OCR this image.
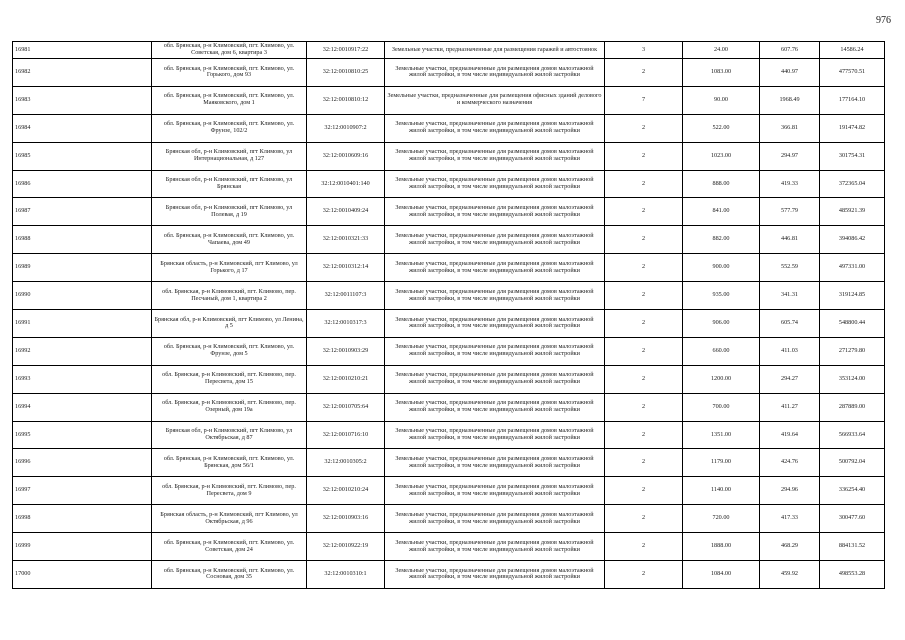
976
16981	обл. Брянская, р-н Климовский, пгт. Климово, ул. Советская, дом 6, квартира 3	32:12:0010917:22	Земельные участки, предназначенные для размещения гаражей и автостоянок	3	24.00	607.76	14586.24
16982	обл. Брянская, р-н Климовский, пгт. Климово, ул. Горького, дом 93	32:12:0010810:25	Земельные участки, предназначенные для размещения домов малоэтажной жилой застройки, в том числе индивидуальной жилой застройки	2	1083.00	440.97	477570.51
16983	обл. Брянская, р-н Климовский, пгт. Климово, ул. Маяковского, дом 1	32:12:0010810:12	Земельные участки, предназначенные для размещения офисных зданий делового и коммерческого назначения	7	90.00	1968.49	177164.10
16984	обл. Брянская, р-н Климовский, пгт. Климово, ул. Фрунзе, 102/2	32:12:0010907:2	Земельные участки, предназначенные для размещения домов малоэтажной жилой застройки, в том числе индивидуальной жилой застройки	2	522.00	366.81	191474.82
16985	Брянская обл, р-н Климовский, пгт Климово, ул Интернациональная, д 127	32:12:0010609:16	Земельные участки, предназначенные для размещения домов малоэтажной жилой застройки, в том числе индивидуальной жилой застройки	2	1023.00	294.97	301754.31
16986	Брянская обл, р-н Климовский, пгт Климово, ул Брянская	32:12:0010401:140	Земельные участки, предназначенные для размещения домов малоэтажной жилой застройки, в том числе индивидуальной жилой застройки	2	888.00	419.33	372365.04
16987	Брянская обл, р-н Климовский, пгт Климово, ул Полевая, д 19	32:12:0010409:24	Земельные участки, предназначенные для размещения домов малоэтажной жилой застройки, в том числе индивидуальной жилой застройки	2	841.00	577.79	485921.39
16988	обл. Брянская, р-н Климовский, пгт. Климово, ул. Чапаева, дом 49	32:12:0010321:33	Земельные участки, предназначенные для размещения домов малоэтажной жилой застройки, в том числе индивидуальной жилой застройки	2	882.00	446.81	394086.42
16989	Брянская область, р-н Климовский, пгт Климово, ул Горького, д 17	32:12:0010312:14	Земельные участки, предназначенные для размещения домов малоэтажной жилой застройки, в том числе индивидуальной жилой застройки	2	900.00	552.59	497331.00
16990	обл. Брянская, р-н Климовский, пгт. Климово, пер. Песчаный, дом 1, квартира 2	32:12:0011107:3	Земельные участки, предназначенные для размещения домов малоэтажной жилой застройки, в том числе индивидуальной жилой застройки	2	935.00	341.31	319124.85
16991	Брянская обл, р-н Климовский, пгт Климово, ул Ленина, д 5	32:12:0010317:3	Земельные участки, предназначенные для размещения домов малоэтажной жилой застройки, в том числе индивидуальной жилой застройки	2	906.00	605.74	548800.44
16992	обл. Брянская, р-н Климовский, пгт. Климово, ул. Фрунзе, дом 5	32:12:0010903:29	Земельные участки, предназначенные для размещения домов малоэтажной жилой застройки, в том числе индивидуальной жилой застройки	2	660.00	411.03	271279.80
16993	обл. Брянская, р-н Климовский, пгт. Климово, пер. Пересвета, дом 15	32:12:0010210:21	Земельные участки, предназначенные для размещения домов малоэтажной жилой застройки, в том числе индивидуальной жилой застройки	2	1200.00	294.27	353124.00
16994	обл. Брянская, р-н Климовский, пгт. Климово, пер. Озерный, дом 19а	32:12:0010705:64	Земельные участки, предназначенные для размещения домов малоэтажной жилой застройки, в том числе индивидуальной жилой застройки	2	700.00	411.27	287889.00
16995	Брянская обл, р-н Климовский, пгт Климово, ул Октябрьская, д 87	32:12:0010716:10	Земельные участки, предназначенные для размещения домов малоэтажной жилой застройки, в том числе индивидуальной жилой застройки	2	1351.00	419.64	566933.64
16996	обл. Брянская, р-н Климовский, пгт. Климово, ул. Брянская, дом 56/1	32:12:0010305:2	Земельные участки, предназначенные для размещения домов малоэтажной жилой застройки, в том числе индивидуальной жилой застройки	2	1179.00	424.76	500792.04
16997	обл. Брянская, р-н Климовский, пгт. Климово, пер. Пересвета, дом 9	32:12:0010210:24	Земельные участки, предназначенные для размещения домов малоэтажной жилой застройки, в том числе индивидуальной жилой застройки	2	1140.00	294.96	336254.40
16998	Брянская область, р-н Климовский, пгт Климово, ул Октябрьская, д 96	32:12:0010903:16	Земельные участки, предназначенные для размещения домов малоэтажной жилой застройки, в том числе индивидуальной жилой застройки	2	720.00	417.33	300477.60
16999	обл. Брянская, р-н Климовский, пгт. Климово, ул. Советская, дом 24	32:12:0010922:19	Земельные участки, предназначенные для размещения домов малоэтажной жилой застройки, в том числе индивидуальной жилой застройки	2	1888.00	468.29	884131.52
17000	обл. Брянская, р-н Климовский, пгт. Климово, ул. Сосновая, дом 35	32:12:0010310:1	Земельные участки, предназначенные для размещения домов малоэтажной жилой застройки, в том числе индивидуальной жилой застройки	2	1084.00	459.92	498553.28
